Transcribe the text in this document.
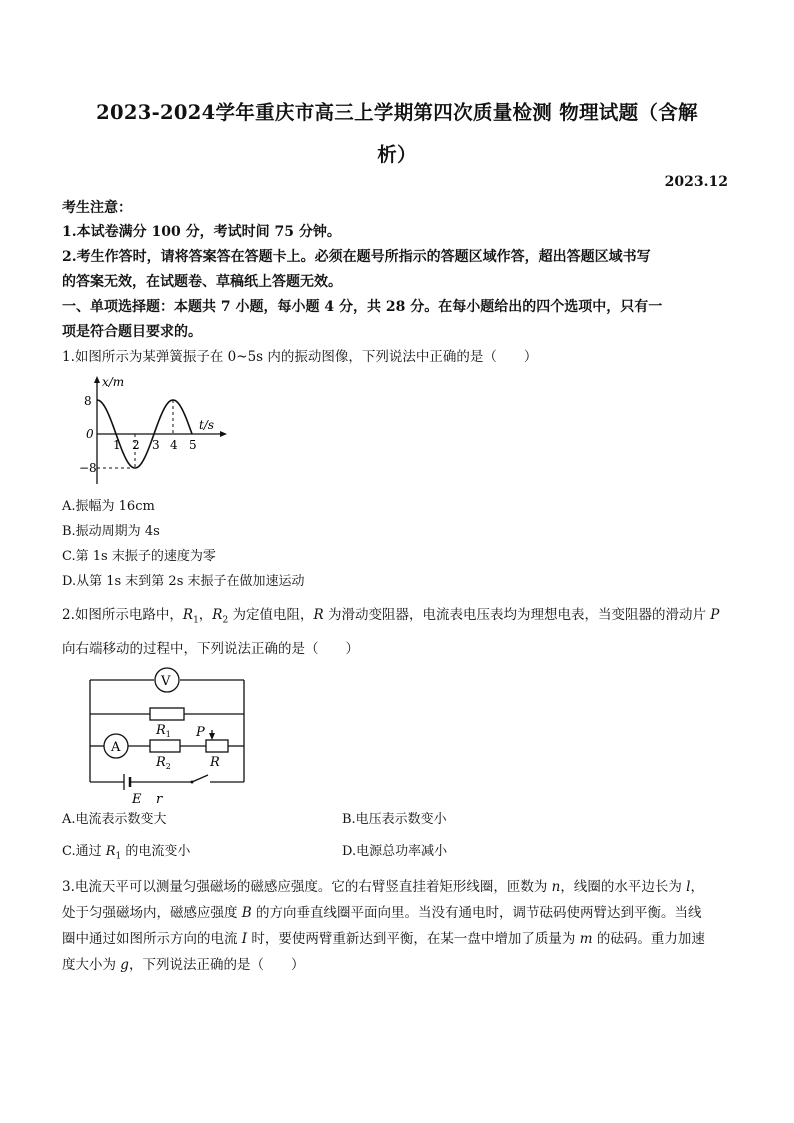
2023-2024学年重庆市高三上学期第四次质量检测 物理试题（含解
析）
2023.12
考生注意：
1.本试卷满分 100 分，考试时间 75 分钟。
2.考生作答时，请将答案答在答题卡上。必须在题号所指示的答题区域作答，超出答题区域书写
的答案无效，在试题卷、草稿纸上答题无效。
一、单项选择题：本题共 7 小题，每小题 4 分，共 28 分。在每小题给出的四个选项中，只有一
项是符合题目要求的。
1.如图所示为某弹簧振子在 0~5s 内的振动图像，下列说法中正确的是（　　）
x/m
t/s
8
0
−8
1 2 3 4 5
A.振幅为 16cm
B.振动周期为 4s
C.第 1s 末振子的速度为零
D.从第 1s 末到第 2s 末振子在做加速运动
2.如图所示电路中，$R_1$，$R_2$ 为定值电阻，R 为滑动变阻器，电流表电压表均为理想电表，当变阻器的滑动片 P
向右端移动的过程中，下列说法正确的是（　　）
V
$R_1$
A
$R_2$
P
R
E r
A.电流表示数变大	B.电压表示数变小
C.通过 $R_1$ 的电流变小	D.电源总功率减小
3.电流天平可以测量匀强磁场的磁感应强度。它的右臂竖直挂着矩形线圈，匝数为 n，线圈的水平边长为 l，
处于匀强磁场内，磁感应强度 B 的方向垂直线圈平面向里。当没有通电时，调节砝码使两臂达到平衡。当线
圈中通过如图所示方向的电流 I 时，要使两臂重新达到平衡，在某一盘中增加了质量为 m 的砝码。重力加速
度大小为 g，下列说法正确的是（　　）
